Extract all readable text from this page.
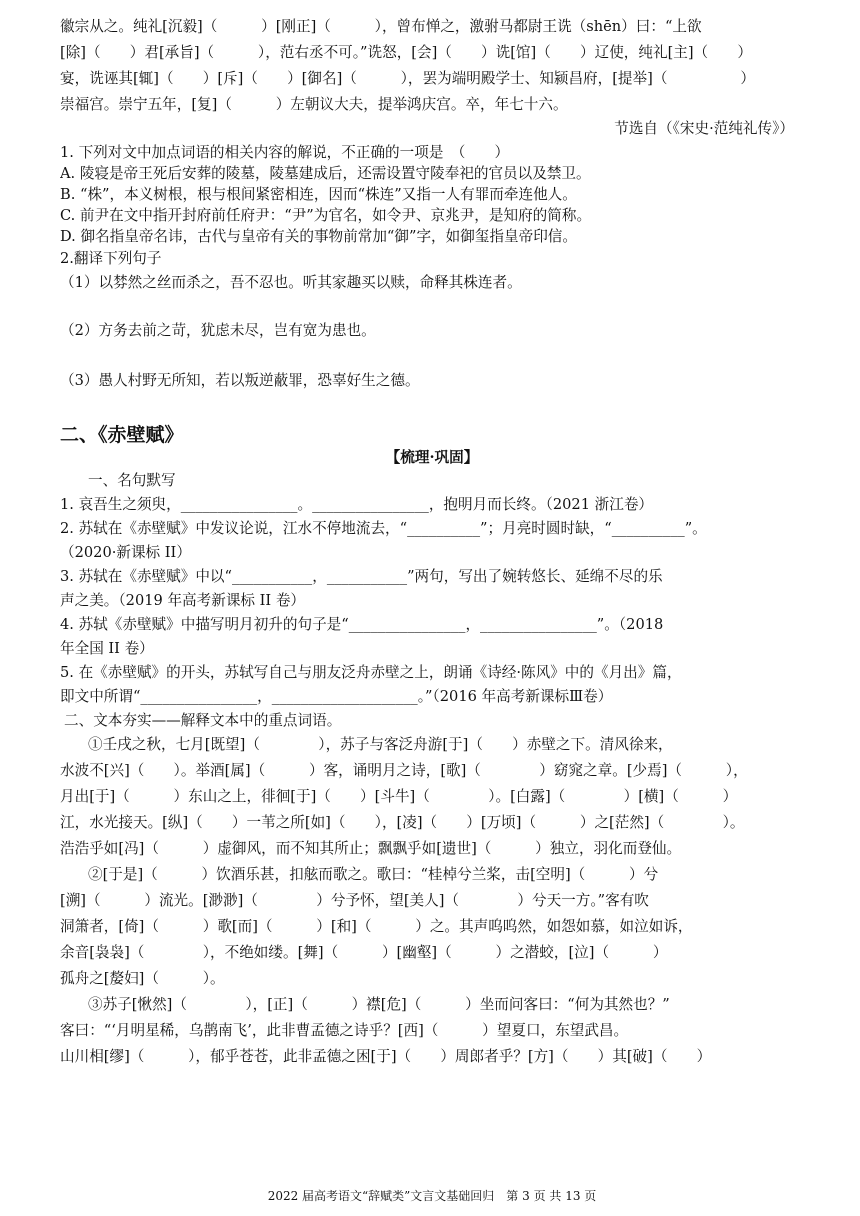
徽宗从之。纯礼[沉毅]（　　　）[刚正]（　　　），曾布惮之，激驸马都尉王诜（shēn）曰：“上欲
[除]（　　）君[承旨]（　　　），范右丞不可。”诜怒，[会]（　　）诜[馆]（　　）辽使，纯礼[主]（　　）
宴，诜诬其[辄]（　　）[斥]（　　）[御名]（　　　），罢为端明殿学士、知颍昌府，[提举]（　　　　　）
崇福宫。崇宁五年，[复]（　　　）左朝议大夫，提举鸿庆宫。卒，年七十六。
节选自（《宋史·范纯礼传》）
1. 下列对文中加点词语的相关内容的解说，不正确的一项是　（　　）
A. 陵寝是帝王死后安葬的陵墓，陵墓建成后，还需设置守陵奉祀的官员以及禁卫。
B. “株”，本义树根，根与根间紧密相连，因而“株连”又指一人有罪而牵连他人。
C. 前尹在文中指开封府前任府尹：“尹”为官名，如令尹、京兆尹，是知府的简称。
D. 御名指皇帝名讳，古代与皇帝有关的事物前常加“御”字，如御玺指皇帝印信。
2.翻译下列句子
（1）以棼然之丝而杀之，吾不忍也。听其家趣买以赎，命释其株连者。
（2）方务去前之苛，犹虑未尽，岂有宽为患也。
（3）愚人村野无所知，若以叛逆蔽罪，恐辜好生之德。
二、《赤壁赋》
【梳理·巩固】
一、名句默写
1. 哀吾生之须臾，________________。________________，抱明月而长终。（2021 浙江卷）
2. 苏轼在《赤壁赋》中发议论说，江水不停地流去，“__________”；月亮时圆时缺，“__________”。
（2020·新课标 II）
3. 苏轼在《赤壁赋》中以“___________，___________”两句，写出了婉转悠长、延绵不尽的乐
声之美。（2019 年高考新课标 II 卷）
4. 苏轼《赤壁赋》中描写明月初升的句子是“________________，________________”。（2018
年全国 II 卷）
5. 在《赤壁赋》的开头，苏轼写自己与朋友泛舟赤壁之上，朗诵《诗经·陈风》中的《月出》篇，
即文中所谓“________________，____________________。”（2016 年高考新课标Ⅲ卷）
二、文本夯实——解释文本中的重点词语。
①壬戌之秋，七月[既望]（　　　　），苏子与客泛舟游[于]（　　）赤壁之下。清风徐来，
水波不[兴]（　　）。举酒[属]（　　　）客，诵明月之诗，[歌]（　　　　）窈窕之章。[少焉]（　　　），
月出[于]（　　　）东山之上，徘徊[于]（　　）[斗牛]（　　　　）。[白露]（　　　　）[横]（　　　）
江，水光接天。[纵]（　　）一苇之所[如]（　　），[凌]（　　）[万顷]（　　　）之[茫然]（　　　　）。
浩浩乎如[冯]（　　　）虚御风，而不知其所止；飘飘乎如[遗世]（　　　）独立，羽化而登仙。
②[于是]（　　　）饮酒乐甚，扣舷而歌之。歌曰：“桂棹兮兰桨，击[空明]（　　　）兮
[溯]（　　　）流光。[渺渺]（　　　　）兮予怀，望[美人]（　　　　）兮天一方。”客有吹
洞箫者，[倚]（　　　）歌[而]（　　　）[和]（　　　）之。其声呜呜然，如怨如慕，如泣如诉，
余音[袅袅]（　　　　），不绝如缕。[舞]（　　　）[幽壑]（　　　）之潜蛟，[泣]（　　　）
孤舟之[嫠妇]（　　　）。
③苏子[愀然]（　　　　），[正]（　　　）襟[危]（　　　）坐而问客曰：“何为其然也？”
客曰：“‘月明星稀，乌鹊南飞’，此非曹孟德之诗乎？[西]（　　　）望夏口，东望武昌。
山川相[缪]（　　　），郁乎苍苍，此非孟德之困[于]（　　）周郎者乎？[方]（　　）其[破]（　　）
2022 届高考语文“辞赋类”文言文基础回归　第 3 页 共 13 页
